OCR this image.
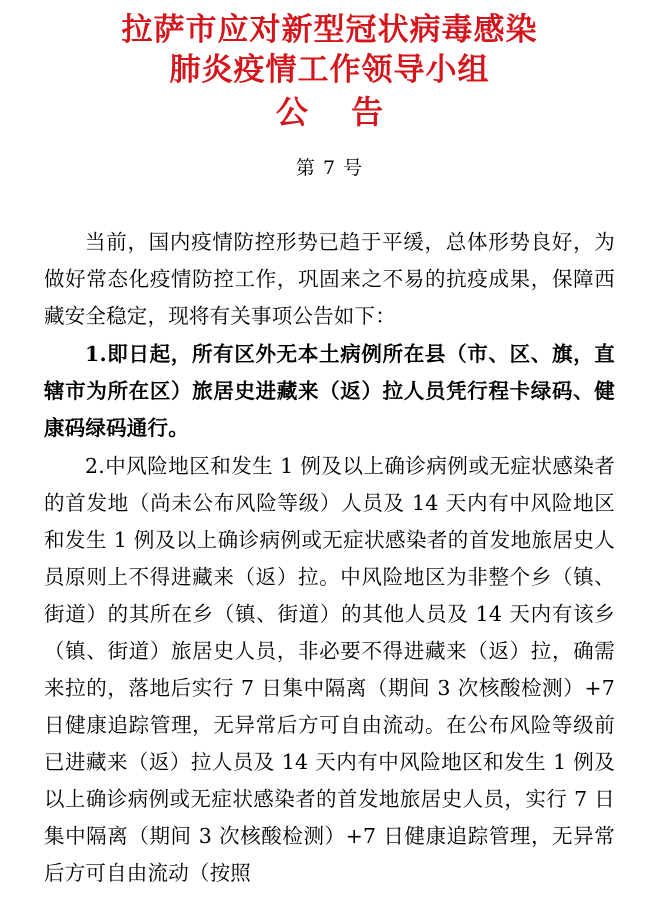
拉萨市应对新型冠状病毒感染
肺炎疫情工作领导小组
公 告
第 7 号

当前，国内疫情防控形势已趋于平缓，总体形势良好，为做好常态化疫情防控工作，巩固来之不易的抗疫成果，保障西藏安全稳定，现将有关事项公告如下：

1.即日起，所有区外无本土病例所在县（市、区、旗，直辖市为所在区）旅居史进藏来（返）拉人员凭行程卡绿码、健康码绿码通行。

2.中风险地区和发生 1 例及以上确诊病例或无症状感染者的首发地（尚未公布风险等级）人员及 14 天内有中风险地区和发生 1 例及以上确诊病例或无症状感染者的首发地旅居史人员原则上不得进藏来（返）拉。中风险地区为非整个乡（镇、街道）的其所在乡（镇、街道）的其他人员及 14 天内有该乡（镇、街道）旅居史人员，非必要不得进藏来（返）拉，确需来拉的，落地后实行 7 日集中隔离（期间 3 次核酸检测）+7 日健康追踪管理，无异常后方可自由流动。在公布风险等级前已进藏来（返）拉人员及 14 天内有中风险地区和发生 1 例及以上确诊病例或无症状感染者的首发地旅居史人员，实行 7 日集中隔离（期间 3 次核酸检测）+7 日健康追踪管理，无异常后方可自由流动（按照
